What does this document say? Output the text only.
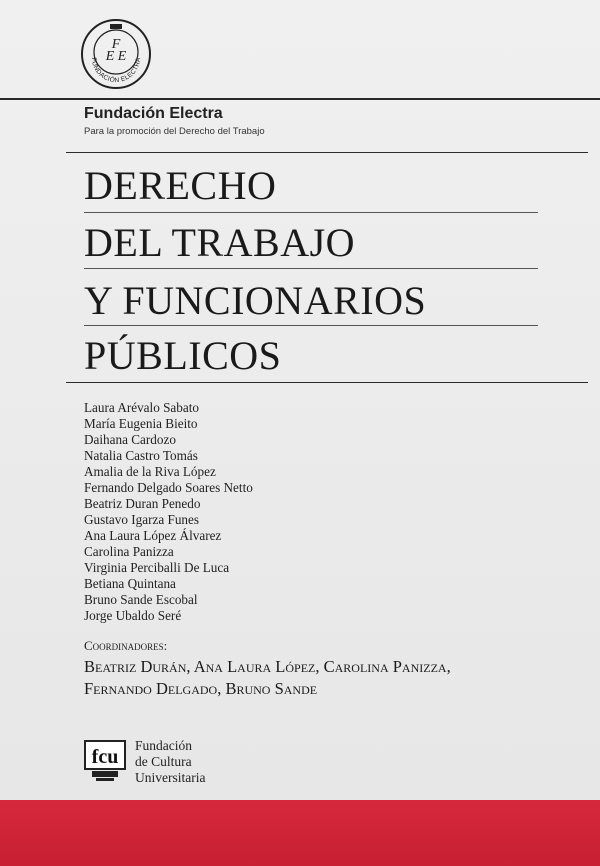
F
E E
FUNDACIÓN ELECTRA
Fundación Electra
Para la promoción del Derecho del Trabajo
DERECHO
DEL TRABAJO
Y FUNCIONARIOS
PÚBLICOS
Laura Arévalo Sabato
María Eugenia Bieito
Daihana Cardozo
Natalia Castro Tomás
Amalia de la Riva López
Fernando Delgado Soares Netto
Beatriz Duran Penedo
Gustavo Igarza Funes
Ana Laura López Álvarez
Carolina Panizza
Virginia Perciballi De Luca
Betiana Quintana
Bruno Sande Escobal
Jorge Ubaldo Seré
Coordinadores:
Beatriz Durán, Ana Laura López, Carolina Panizza,
Fernando Delgado, Bruno Sande
fcu
Fundación
de Cultura
Universitaria
